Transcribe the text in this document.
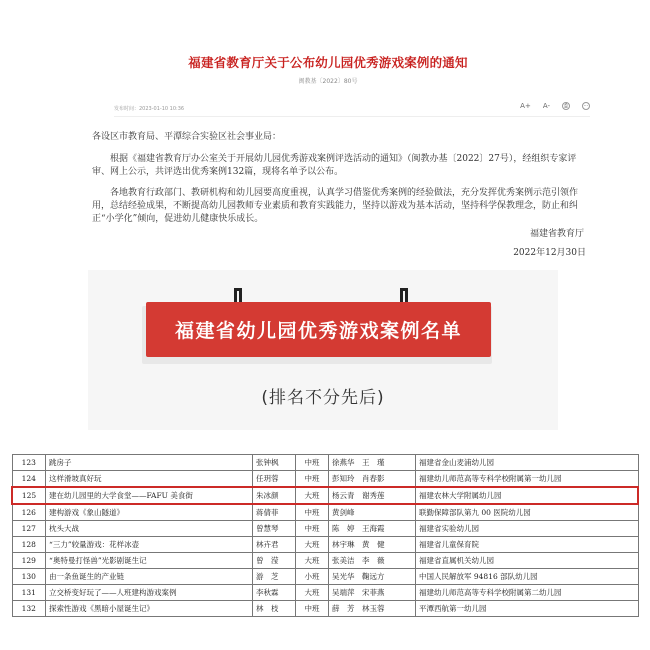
福建省教育厅关于公布幼儿园优秀游戏案例的通知
闽教基〔2022〕80号
发布时间：2023-01-10 10:36	A+ A-	⎙	⋯

各设区市教育局、平潭综合实验区社会事业局：

根据《福建省教育厅办公室关于开展幼儿园优秀游戏案例评选活动的通知》（闽教办基〔2022〕27号），经组织专家评审、网上公示，共评选出优秀案例132篇，现将名单予以公布。

各地教育行政部门、教研机构和幼儿园要高度重视，认真学习借鉴优秀案例的经验做法，充分发挥优秀案例示范引领作用，总结经验成果，不断提高幼儿园教师专业素质和教育实践能力，坚持以游戏为基本活动，坚持科学保教理念，防止和纠正“小学化”倾向，促进幼儿健康快乐成长。

福建省教育厅

2022年12月30日

福建省幼儿园优秀游戏案例名单
(排名不分先后)
123	跳房子	张钟枫	中班	徐燕华　王　瑾	福建省金山麦浦幼儿园
124	这样滑坡真好玩	任玥蓉	中班	彭知玲　肖春影	福建幼儿师范高等专科学校附属第一幼儿园
125	建在幼儿园里的大学食堂——FAFU 美食街	朱冰颜	大班	杨云青　谢秀莲	福建农林大学附属幼儿园
126	建构游戏《象山隧道》	蒋倩菲	中班	黄剑峰	联勤保障部队第九 00 医院幼儿园
127	枕头大战	曾慧琴	中班	陈　婷　王海霞	福建省实验幼儿园
128	“三力”较量游戏：花样冰壶	林卉君	大班	林宇琳　黄　健	福建省儿童保育院
129	“奥特曼打怪兽”光影剧诞生记	曾　滢	大班	张美洁　李　薇	福建省直属机关幼儿园
130	由一条鱼诞生的产业链	游　芝	小班	吴光华　鞠远方	中国人民解放军 94816 部队幼儿园
131	立交桥变好玩了——人班建构游戏案例	李秋霖	大班	吴端萍　宋菲燕	福建幼儿师范高等专科学校附属第二幼儿园
132	探索性游戏《黑暗小屋诞生记》	林　枝	中班	薛　芳　林玉蓉	平潭西航第一幼儿园
